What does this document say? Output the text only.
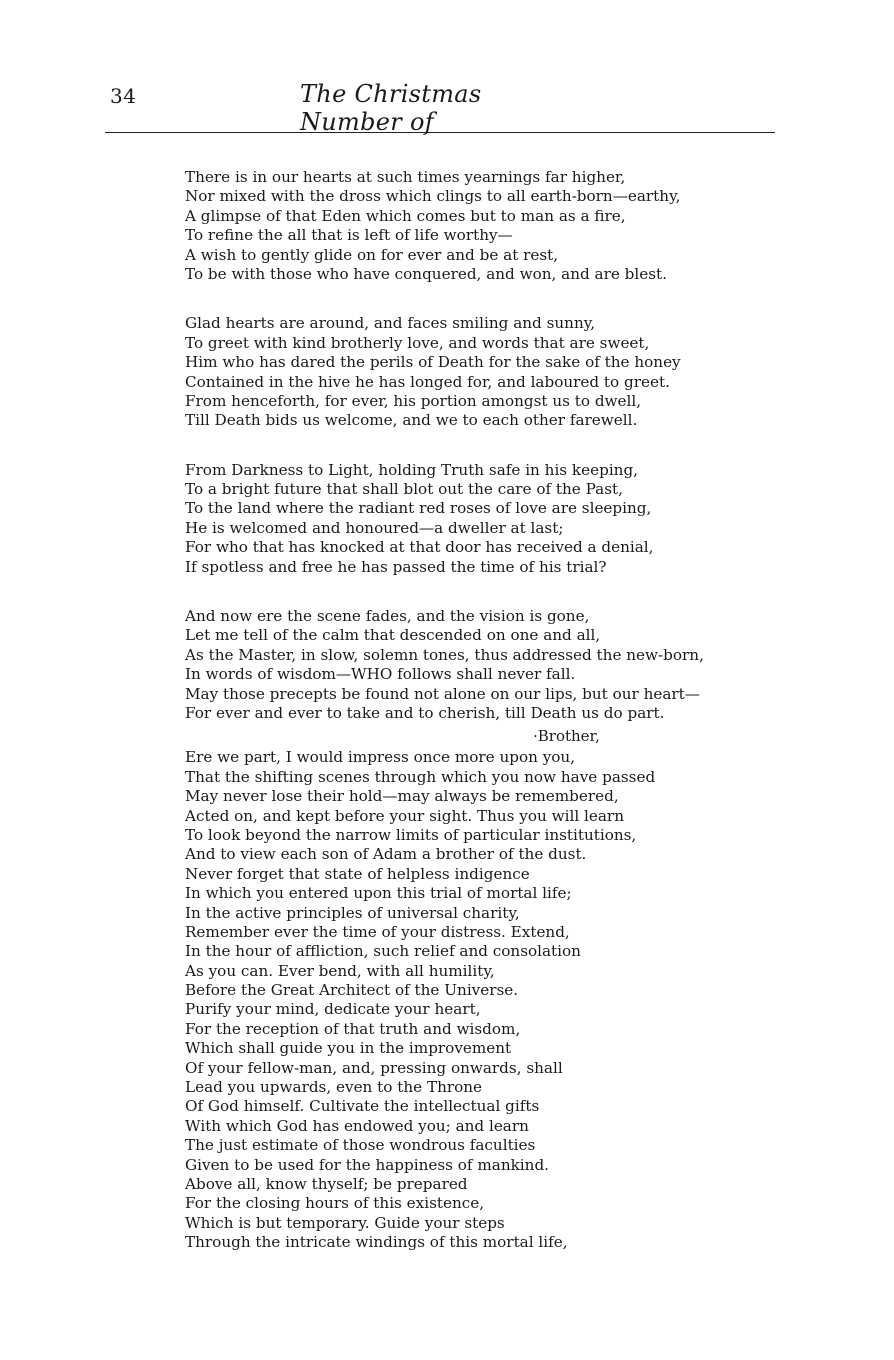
34	The Christmas Number of
There is in our hearts at such times yearnings far higher,
Nor mixed with the dross which clings to all earth-born—earthy,
A glimpse of that Eden which comes but to man as a fire,
To refine the all that is left of life worthy—
A wish to gently glide on for ever and be at rest,
To be with those who have conquered, and won, and are blest.
Glad hearts are around, and faces smiling and sunny,
To greet with kind brotherly love, and words that are sweet,
Him who has dared the perils of Death for the sake of the honey
Contained in the hive he has longed for, and laboured to greet.
From henceforth, for ever, his portion amongst us to dwell,
Till Death bids us welcome, and we to each other farewell.
From Darkness to Light, holding Truth safe in his keeping,
To a bright future that shall blot out the care of the Past,
To the land where the radiant red roses of love are sleeping,
He is welcomed and honoured—a dweller at last;
For who that has knocked at that door has received a denial,
If spotless and free he has passed the time of his trial?
And now ere the scene fades, and the vision is gone,
Let me tell of the calm that descended on one and all,
As the Master, in slow, solemn tones, thus addressed the new-born,
In words of wisdom—WHO follows shall never fall.
May those precepts be found not alone on our lips, but our heart—
For ever and ever to take and to cherish, till Death us do part.
·Brother,
Ere we part, I would impress once more upon you,
That the shifting scenes through which you now have passed
May never lose their hold—may always be remembered,
Acted on, and kept before your sight. Thus you will learn
To look beyond the narrow limits of particular institutions,
And to view each son of Adam a brother of the dust.
Never forget that state of helpless indigence
In which you entered upon this trial of mortal life;
In the active principles of universal charity,
Remember ever the time of your distress. Extend,
In the hour of affliction, such relief and consolation
As you can. Ever bend, with all humility,
Before the Great Architect of the Universe.
Purify your mind, dedicate your heart,
For the reception of that truth and wisdom,
Which shall guide you in the improvement
Of your fellow-man, and, pressing onwards, shall
Lead you upwards, even to the Throne
Of God himself. Cultivate the intellectual gifts
With which God has endowed you; and learn
The just estimate of those wondrous faculties
Given to be used for the happiness of mankind.
Above all, know thyself; be prepared
For the closing hours of this existence,
Which is but temporary. Guide your steps
Through the intricate windings of this mortal life,
